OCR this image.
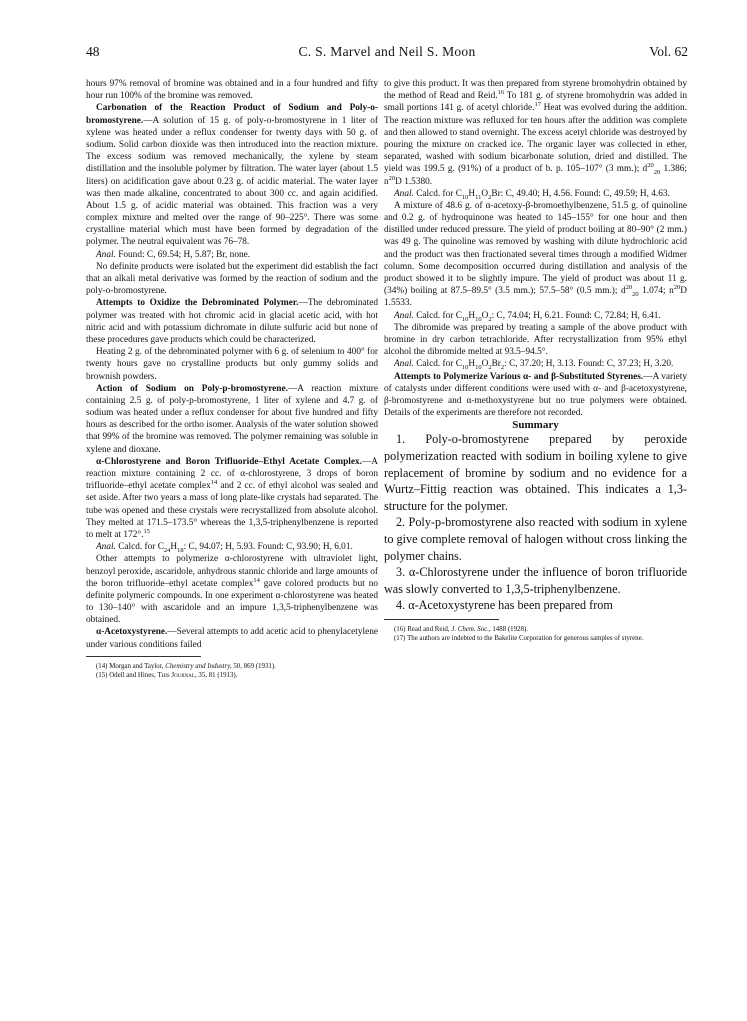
48	C. S. Marvel and Neil S. Moon	Vol. 62

hours 97% removal of bromine was obtained and in a four hundred and fifty hour run 100% of the bromine was removed.

Carbonation of the Reaction Product of Sodium and Poly-o-bromostyrene.—A solution of 15 g. of poly-o-bromostyrene in 1 liter of xylene was heated under a reflux condenser for twenty days with 50 g. of sodium. Solid carbon dioxide was then introduced into the reaction mixture. The excess sodium was removed mechanically, the xylene by steam distillation and the insoluble polymer by filtration. The water layer (about 1.5 liters) on acidification gave about 0.23 g. of acidic material. The water layer was then made alkaline, concentrated to about 300 cc. and again acidified. About 1.5 g. of acidic material was obtained. This fraction was a very complex mixture and melted over the range of 90–225°. There was some crystalline material which must have been formed by degradation of the polymer. The neutral equivalent was 76–78.

Anal. Found: C, 69.54; H, 5.87; Br, none.

No definite products were isolated but the experiment did establish the fact that an alkali metal derivative was formed by the reaction of sodium and the poly-o-bromostyrene.

Attempts to Oxidize the Debrominated Polymer.—The debrominated polymer was treated with hot chromic acid in glacial acetic acid, with hot nitric acid and with potassium dichromate in dilute sulfuric acid but none of these procedures gave products which could be characterized.

Heating 2 g. of the debrominated polymer with 6 g. of selenium to 400° for twenty hours gave no crystalline products but only gummy solids and brownish powders.

Action of Sodium on Poly-p-bromostyrene.—A reaction mixture containing 2.5 g. of poly-p-bromostyrene, 1 liter of xylene and 4.7 g. of sodium was heated under a reflux condenser for about five hundred and fifty hours as described for the ortho isomer. Analysis of the water solution showed that 99% of the bromine was removed. The polymer remaining was soluble in xylene and dioxane.

α-Chlorostyrene and Boron Trifluoride–Ethyl Acetate Complex.—A reaction mixture containing 2 cc. of α-chlorostyrene, 3 drops of boron trifluoride–ethyl acetate complex$^{14}$ and 2 cc. of ethyl alcohol was sealed and set aside. After two years a mass of long plate-like crystals had separated. The tube was opened and these crystals were recrystallized from absolute alcohol. They melted at 171.5–173.5° whereas the 1,3,5-triphenylbenzene is reported to melt at 172°.$^{15}$

Anal. Calcd. for $C_{24}H_{18}$: C, 94.07; H, 5.93. Found: C, 93.90; H, 6.01.

Other attempts to polymerize α-chlorostyrene with ultraviolet light, benzoyl peroxide, ascaridole, anhydrous stannic chloride and large amounts of the boron trifluoride–ethyl acetate complex$^{14}$ gave colored products but no definite polymeric compounds. In one experiment α-chlorostyrene was heated to 130–140° with ascaridole and an impure 1,3,5-triphenylbenzene was obtained.

α-Acetoxystyrene.—Several attempts to add acetic acid to phenylacetylene under various conditions failed

(14) Morgan and Taylor, Chemistry and Industry, 50, 869 (1931).

(15) Odell and Hines, This Journal, 35, 81 (1913).

to give this product. It was then prepared from styrene bromohydrin obtained by the method of Read and Reid.$^{16}$ To 181 g. of styrene bromohydrin was added in small portions 141 g. of acetyl chloride.$^{17}$ Heat was evolved during the addition. The reaction mixture was refluxed for ten hours after the addition was complete and then allowed to stand overnight. The excess acetyl chloride was destroyed by pouring the mixture on cracked ice. The organic layer was collected in ether, separated, washed with sodium bicarbonate solution, dried and distilled. The yield was 199.5 g. (91%) of a product of b. p. 105–107° (3 mm.); $d^{20}_{20}$ 1.386; $n^{20}D$ 1.5380.

Anal. Calcd. for $C_{10}H_{11}O_2Br$: C, 49.40; H, 4.56. Found: C, 49.59; H, 4.63.

A mixture of 48.6 g. of α-acetoxy-β-bromoethylbenzene, 51.5 g. of quinoline and 0.2 g. of hydroquinone was heated to 145–155° for one hour and then distilled under reduced pressure. The yield of product boiling at 80–90° (2 mm.) was 49 g. The quinoline was removed by washing with dilute hydrochloric acid and the product was then fractionated several times through a modified Widmer column. Some decomposition occurred during distillation and analysis of the product showed it to be slightly impure. The yield of product was about 11 g. (34%) boiling at 87.5–89.5° (3.5 mm.); 57.5–58° (0.5 mm.); $d^{20}_{20}$ 1.074; $n^{20}D$ 1.5533.

Anal. Calcd. for $C_{10}H_{10}O_2$: C, 74.04; H, 6.21. Found: C, 72.84; H, 6.41.

The dibromide was prepared by treating a sample of the above product with bromine in dry carbon tetrachloride. After recrystallization from 95% ethyl alcohol the dibromide melted at 93.5–94.5°.

Anal. Calcd. for $C_{10}H_{10}O_2Br_2$: C, 37.20; H, 3.13. Found: C, 37.23; H, 3.20.

Attempts to Polymerize Various α- and β-Substituted Styrenes.—A variety of catalysts under different conditions were used with α- and β-acetoxystyrene, β-bromostyrene and α-methoxystyrene but no true polymers were obtained. Details of the experiments are therefore not recorded.

Summary

1. Poly-o-bromostyrene prepared by peroxide polymerization reacted with sodium in boiling xylene to give replacement of bromine by sodium and no evidence for a Wurtz–Fittig reaction was obtained. This indicates a 1,3-structure for the polymer.

2. Poly-p-bromostyrene also reacted with sodium in xylene to give complete removal of halogen without cross linking the polymer chains.

3. α-Chlorostyrene under the influence of boron trifluoride was slowly converted to 1,3,5-triphenylbenzene.

4. α-Acetoxystyrene has been prepared from

(16) Read and Reid, J. Chem. Soc., 1488 (1928).

(17) The authors are indebted to the Bakelite Corporation for generous samples of styrene.
